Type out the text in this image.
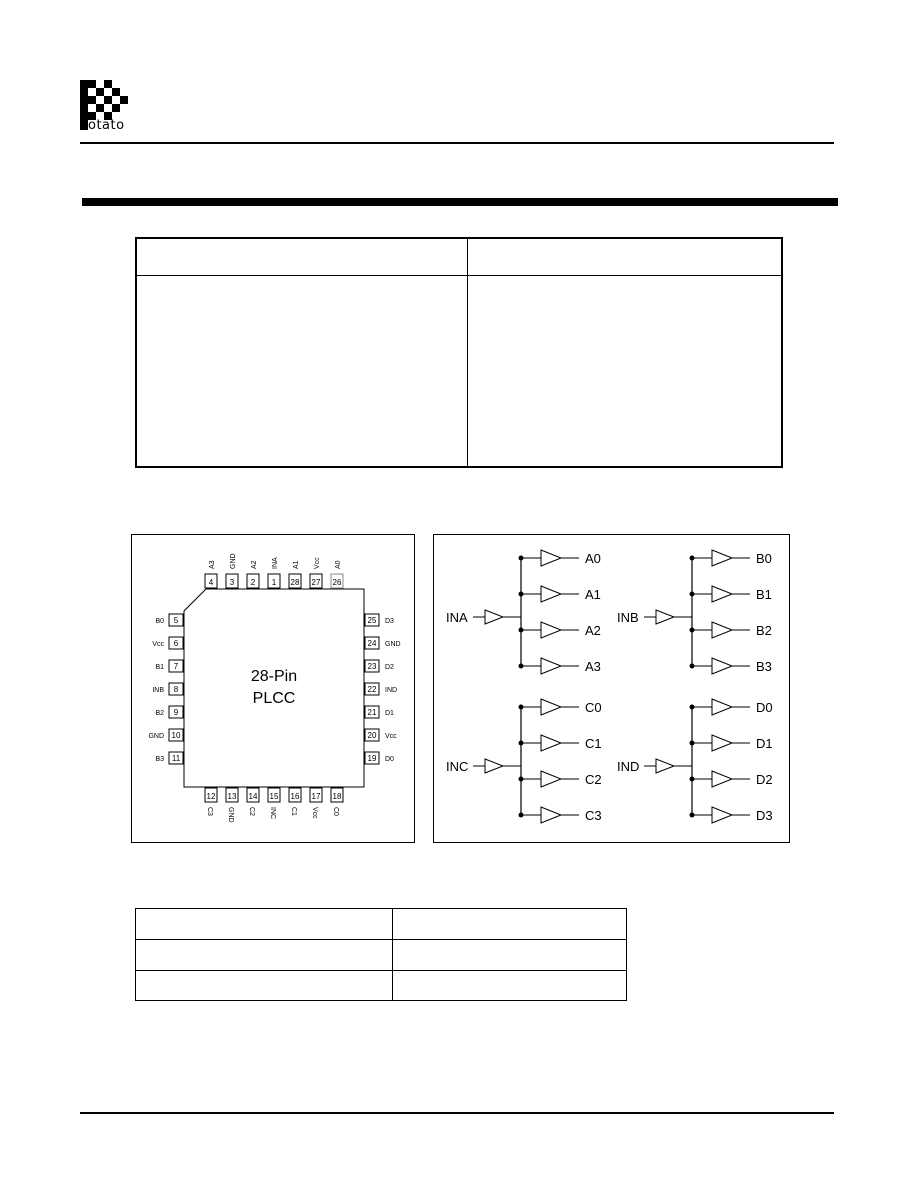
otato

28-Pin
PLCC
4
A3
3
GND
2
A2
1
INA
28
A1
27
Vcc
26
A0
5
B0
6
Vcc
7
B1
8
INB
9
B2
10
GND
11
B3
25 D3
24 GND
23 D2
22 IND
21 D1
20 Vcc
19 D0
12
C3
13
GND
14
C2
15
INC
16
C1
17
Vcc
18
C0
INA
A0
A1
A2
A3
INB
B0
B1
B2
B3
INC
C0
C1
C2
C3
IND
D0
D1
D2
D3
